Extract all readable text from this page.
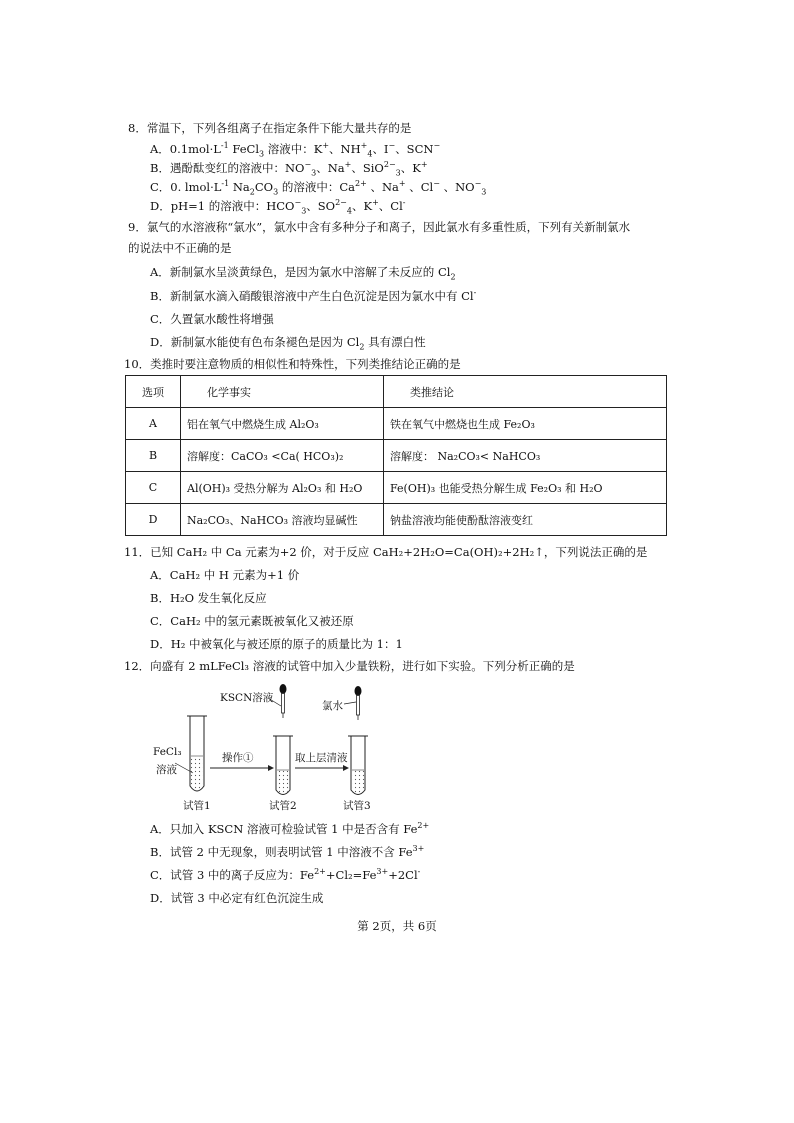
8．常温下，下列各组离子在指定条件下能大量共存的是
A．$0.1mol\cdot L^{-1}$ FeCl$_3$ 溶液中：K+、$NH^+_4$、I−、SCN−
B．遇酚酞变红的溶液中：$NO^-_3$、Na+、SiO$^{2-}_3$、K+
C．0. $lmol\cdot L^{-1}$ $Na_2CO_3$ 的溶液中：$Ca^{2+}$ 、Na+ 、Cl− 、$NO^-_3$
D．pH=1 的溶液中：$HCO^-_3$、$SO^{2-}_4$、K+、Cl-
9．氯气的水溶液称“氯水”，氯水中含有多种分子和离子，因此氯水有多重性质，下列有关新制氯水
的说法中不正确的是
A．新制氯水呈淡黄绿色，是因为氯水中溶解了未反应的 $Cl_2$
B．新制氯水滴入硝酸银溶液中产生白色沉淀是因为氯水中有 Cl-
C．久置氯水酸性将增强
D．新制氯水能使有色布条褪色是因为 $Cl_2$ 具有漂白性
10．类推时要注意物质的相似性和特殊性，下列类推结论正确的是
选项	化学事实	类推结论
A	铝在氧气中燃烧生成 Al₂O₃	铁在氧气中燃烧也生成 Fe₂O₃
B	溶解度：CaCO₃ <Ca( HCO₃)₂	溶解度： Na₂CO₃< NaHCO₃
C	Al(OH)₃ 受热分解为 Al₂O₃ 和 H₂O	Fe(OH)₃ 也能受热分解生成 Fe₂O₃ 和 H₂O
D	Na₂CO₃、NaHCO₃ 溶液均显碱性	钠盐溶液均能使酚酞溶液变红
11．已知 CaH₂ 中 Ca 元素为+2 价，对于反应 CaH₂+2H₂O=Ca(OH)₂+2H₂↑，下列说法正确的是
A．CaH₂ 中 H 元素为+1 价
B．H₂O 发生氧化反应
C．CaH₂ 中的氢元素既被氧化又被还原
D．H₂ 中被氧化与被还原的原子的质量比为 1：1
12．向盛有 2 mLFeCl₃ 溶液的试管中加入少量铁粉，进行如下实验。下列分析正确的是
KSCN溶液
氯水
FeCl₃
溶液
操作①	取上层清液
试管1	试管2	试管3
A．只加入 KSCN 溶液可检验试管 1 中是否含有 $Fe^{2+}$
B．试管 2 中无现象，则表明试管 1 中溶液不含 $Fe^{3+}$
C．试管 3 中的离子反应为：$Fe^{2+}+Cl_2=Fe^{3+}+2Cl^-$
D．试管 3 中必定有红色沉淀生成
第 2页，共 6页
